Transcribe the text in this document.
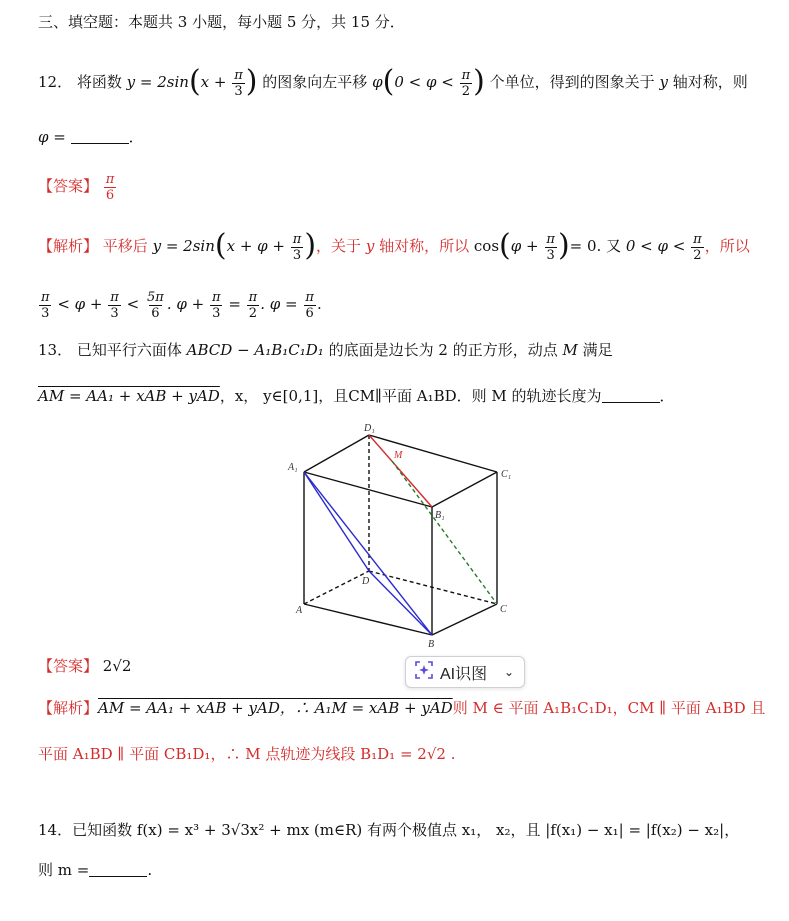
三、填空题：本题共 3 小题，每小题 5 分，共 15 分．
12． 将函数 $y = 2\sin(x + \frac{\pi}{3}$ ) 的图象向左平移 $\varphi(0 < \varphi < \frac{\pi}{2}$ ) 个单位，得到的图象关于 y 轴对称，则
φ =	．
【答案】 $\frac{\pi}{6}$
【解析】 平移后 $y = 2\sin(x + \varphi + \frac{\pi}{3}$ )，关于 y 轴对称，所以 $\cos(\varphi + \frac{\pi}{3}$ )= 0. 又 $0 < \varphi < \frac{\pi}{2}$ ，所以
$\frac{\pi}{3} < \varphi + \frac{\pi}{3} < \frac{5\pi}{6}$ . $\varphi + \frac{\pi}{3} = \frac{\pi}{2}$ . $\varphi = \frac{\pi}{6}$ .
13． 已知平行六面体 ABCD − A₁B₁C₁D₁ 的底面是边长为 2 的正方形，动点 M 满足
AM = AA₁ + xAB + yAD，x， y∈[0,1]，且CM∥平面 A₁BD．则 M 的轨迹长度为	．
D₁
A₁
C₁
B₁
M
D
A
B
C
【答案】 2√2	AI识图 ⌄
【解析】AM = AA₁ + xAB + yAD，∴ A₁M = xAB + yAD则 M ∈ 平面 A₁B₁C₁D₁，CM ∥ 平面 A₁BD 且
平面 A₁BD ∥ 平面 CB₁D₁，∴ M 点轨迹为线段 B₁D₁ = 2√2 .
14．已知函数 f(x) = x³ + 3√3x² + mx (m∈R) 有两个极值点 x₁， x₂，且 |f(x₁) − x₁| = |f(x₂) − x₂|，
则 m =	.
